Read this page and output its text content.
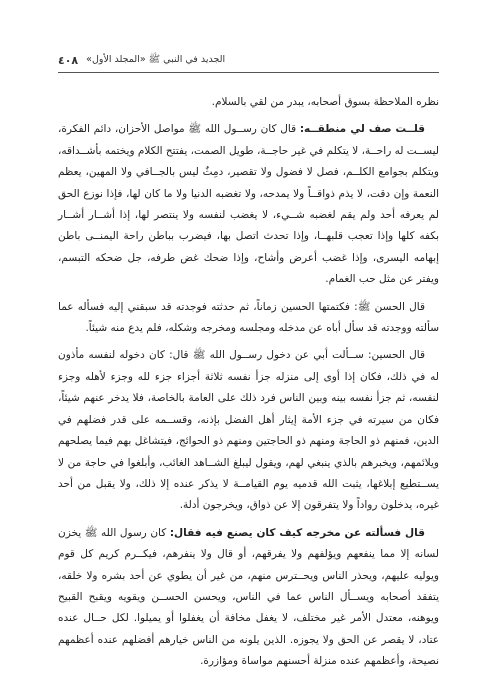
الجديد في النبي ﷺ «المجلد الأول»
٤٠٨

نظره الملاحظة بسوق أصحابه، يبدر من لقي بالسلام.

قلــت صف لي منطقــه: قال كان رســول الله ﷺ مواصل الأحزان، دائم الفكرة، ليســت له راحــة، لا يتكلم في غير حاجــة، طويل الصمت، يفتتح الكلام ويختمه بأشــداقه، ويتكلم بجوامع الكلــم، فصل لا فضول ولا تقصير، دمِثٌ ليس بالجــافي ولا المهين، يعظم النعمة وإن دقت، لا يذم ذواقــاً ولا يمدحه، ولا تغضبه الدنيا ولا ما كان لها، فإذا نوزع الحق لم يعرفه أحد ولم يقم لغضبه شــيء، لا يغضب لنفسه ولا ينتصر لها، إذا أشــار أشــار بكفه كلها وإذا تعجب قلبهــا، وإذا تحدث اتصل بها، فيضرب بباطن راحة اليمنــى باطن إبهامه اليسرى، وإذا غضب أعرض وأشاح، وإذا ضحك غض طرفه، جل ضحكه التبسم، ويفتر عن مثل حب الغمام.

قال الحسن ﷺ: فكتمتها الحسين زماناً، ثم حدثته فوجدته قد سبقني إليه فسأله عما سألته ووجدته قد سأل أباه عن مدخله ومجلسه ومخرجه وشكله، فلم يدع منه شيئاً.

قال الحسين: ســألت أبي عن دخول رســول الله ﷺ قال: كان دخوله لنفسه مأذون له في ذلك، فكان إذا أوى إلى منزله جزأ نفسه ثلاثة أجزاء جزء لله وجزء لأهله وجزء لنفسه، ثم جزأ نفسه بينه وبين الناس فرد ذلك على العامة بالخاصة، فلا يدخر عنهم شيئاً، فكان من سيرته في جزء الأمة إيثار أهل الفضل بإذنه، وقســمه على قدر فضلهم في الدين، فمنهم ذو الحاجة ومنهم ذو الحاجتين ومنهم ذو الحوائج، فيتشاغل بهم فيما يصلحهم ويلائمهم، ويخبرهم بالذي ينبغي لهم، ويقول ليبلغ الشــاهد الغائب، وأبلغوا في حاجة من لا يســتطيع إبلاغها، يثبت الله قدميه يوم القيامــة لا يذكر عنده إلا ذلك، ولا يقبل من أحد غيره، يدخلون رواداً ولا يتفرقون إلا عن ذواق، ويخرجون أدلة.

قال فسألته عن مخرجه كيف كان يصنع فيه فقال: كان رسول الله ﷺ يخزن لسانه إلا مما ينفعهم ويؤلفهم ولا يفرقهم، أو قال ولا ينفرهم، فيكــرم كريم كل قوم ويوليه عليهم، ويحذر الناس ويحــترس منهم، من غير أن يطوي عن أحد بشره ولا خلقه، يتفقد أصحابه ويســأل الناس عما في الناس، ويحسن الحســن ويقويه ويقبح القبيح ويوهنه، معتدل الأمر غير مختلف، لا يغفل مخافة أن يغفلوا أو يميلوا. لكل حــال عنده عتاد، لا يقصر عن الحق ولا يجوزه. الذين يلونه من الناس خيارهم أفضلهم عنده أعظمهم نصيحة، وأعظمهم عنده منزلة أحسنهم مواساة ومؤازرة.
